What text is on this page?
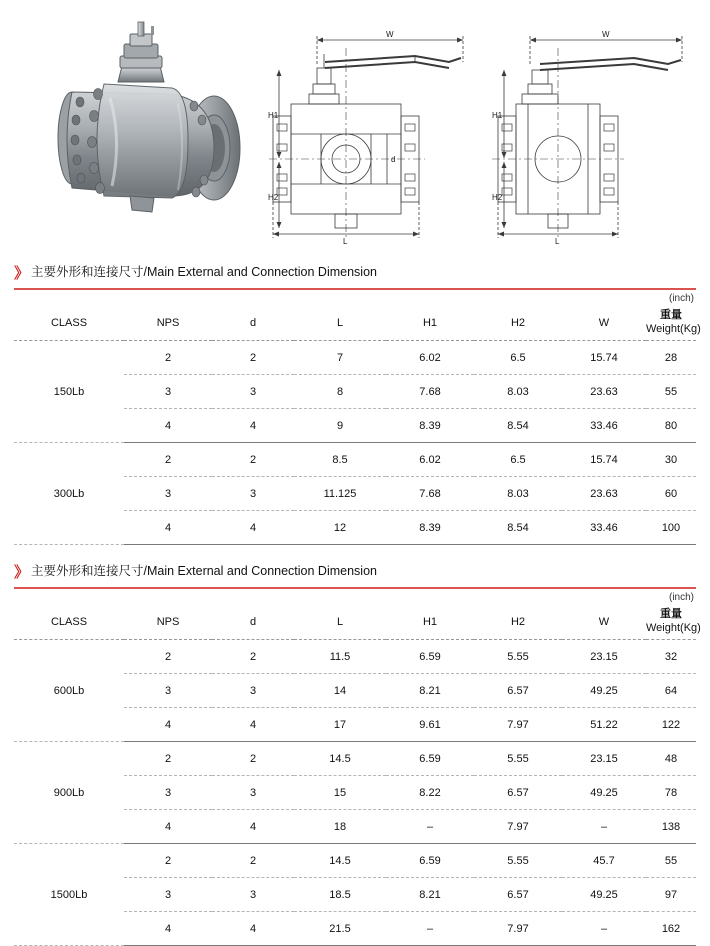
W
H1
H2
L
d
W
H1
H2
L
》 $^{主要外形和连接尺寸/Main External and Connection Dimension}$
(inch)
CLASS	NPS	d	L	H1	H2	W	重量
Weight(Kg)

150Lb	2	2	7	6.02	6.5	15.74	28
	3	3	8	7.68	8.03	23.63	55
	4	4	9	8.39	8.54	33.46	80
300Lb	2	2	8.5	6.02	6.5	15.74	30
	3	3	11.125	7.68	8.03	23.63	60
	4	4	12	8.39	8.54	33.46	100
》 $^{主要外形和连接尺寸/Main External and Connection Dimension}$
(inch)
CLASS	NPS	d	L	H1	H2	W	重量
Weight(Kg)

600Lb	2	2	11.5	6.59	5.55	23.15	32
	3	3	14	8.21	6.57	49.25	64
	4	4	17	9.61	7.97	51.22	122
900Lb	2	2	14.5	6.59	5.55	23.15	48
	3	3	15	8.22	6.57	49.25	78
	4	4	18	–	7.97	–	138
1500Lb	2	2	14.5	6.59	5.55	45.7	55
	3	3	18.5	8.21	6.57	49.25	97
	4	4	21.5	–	7.97	–	162
